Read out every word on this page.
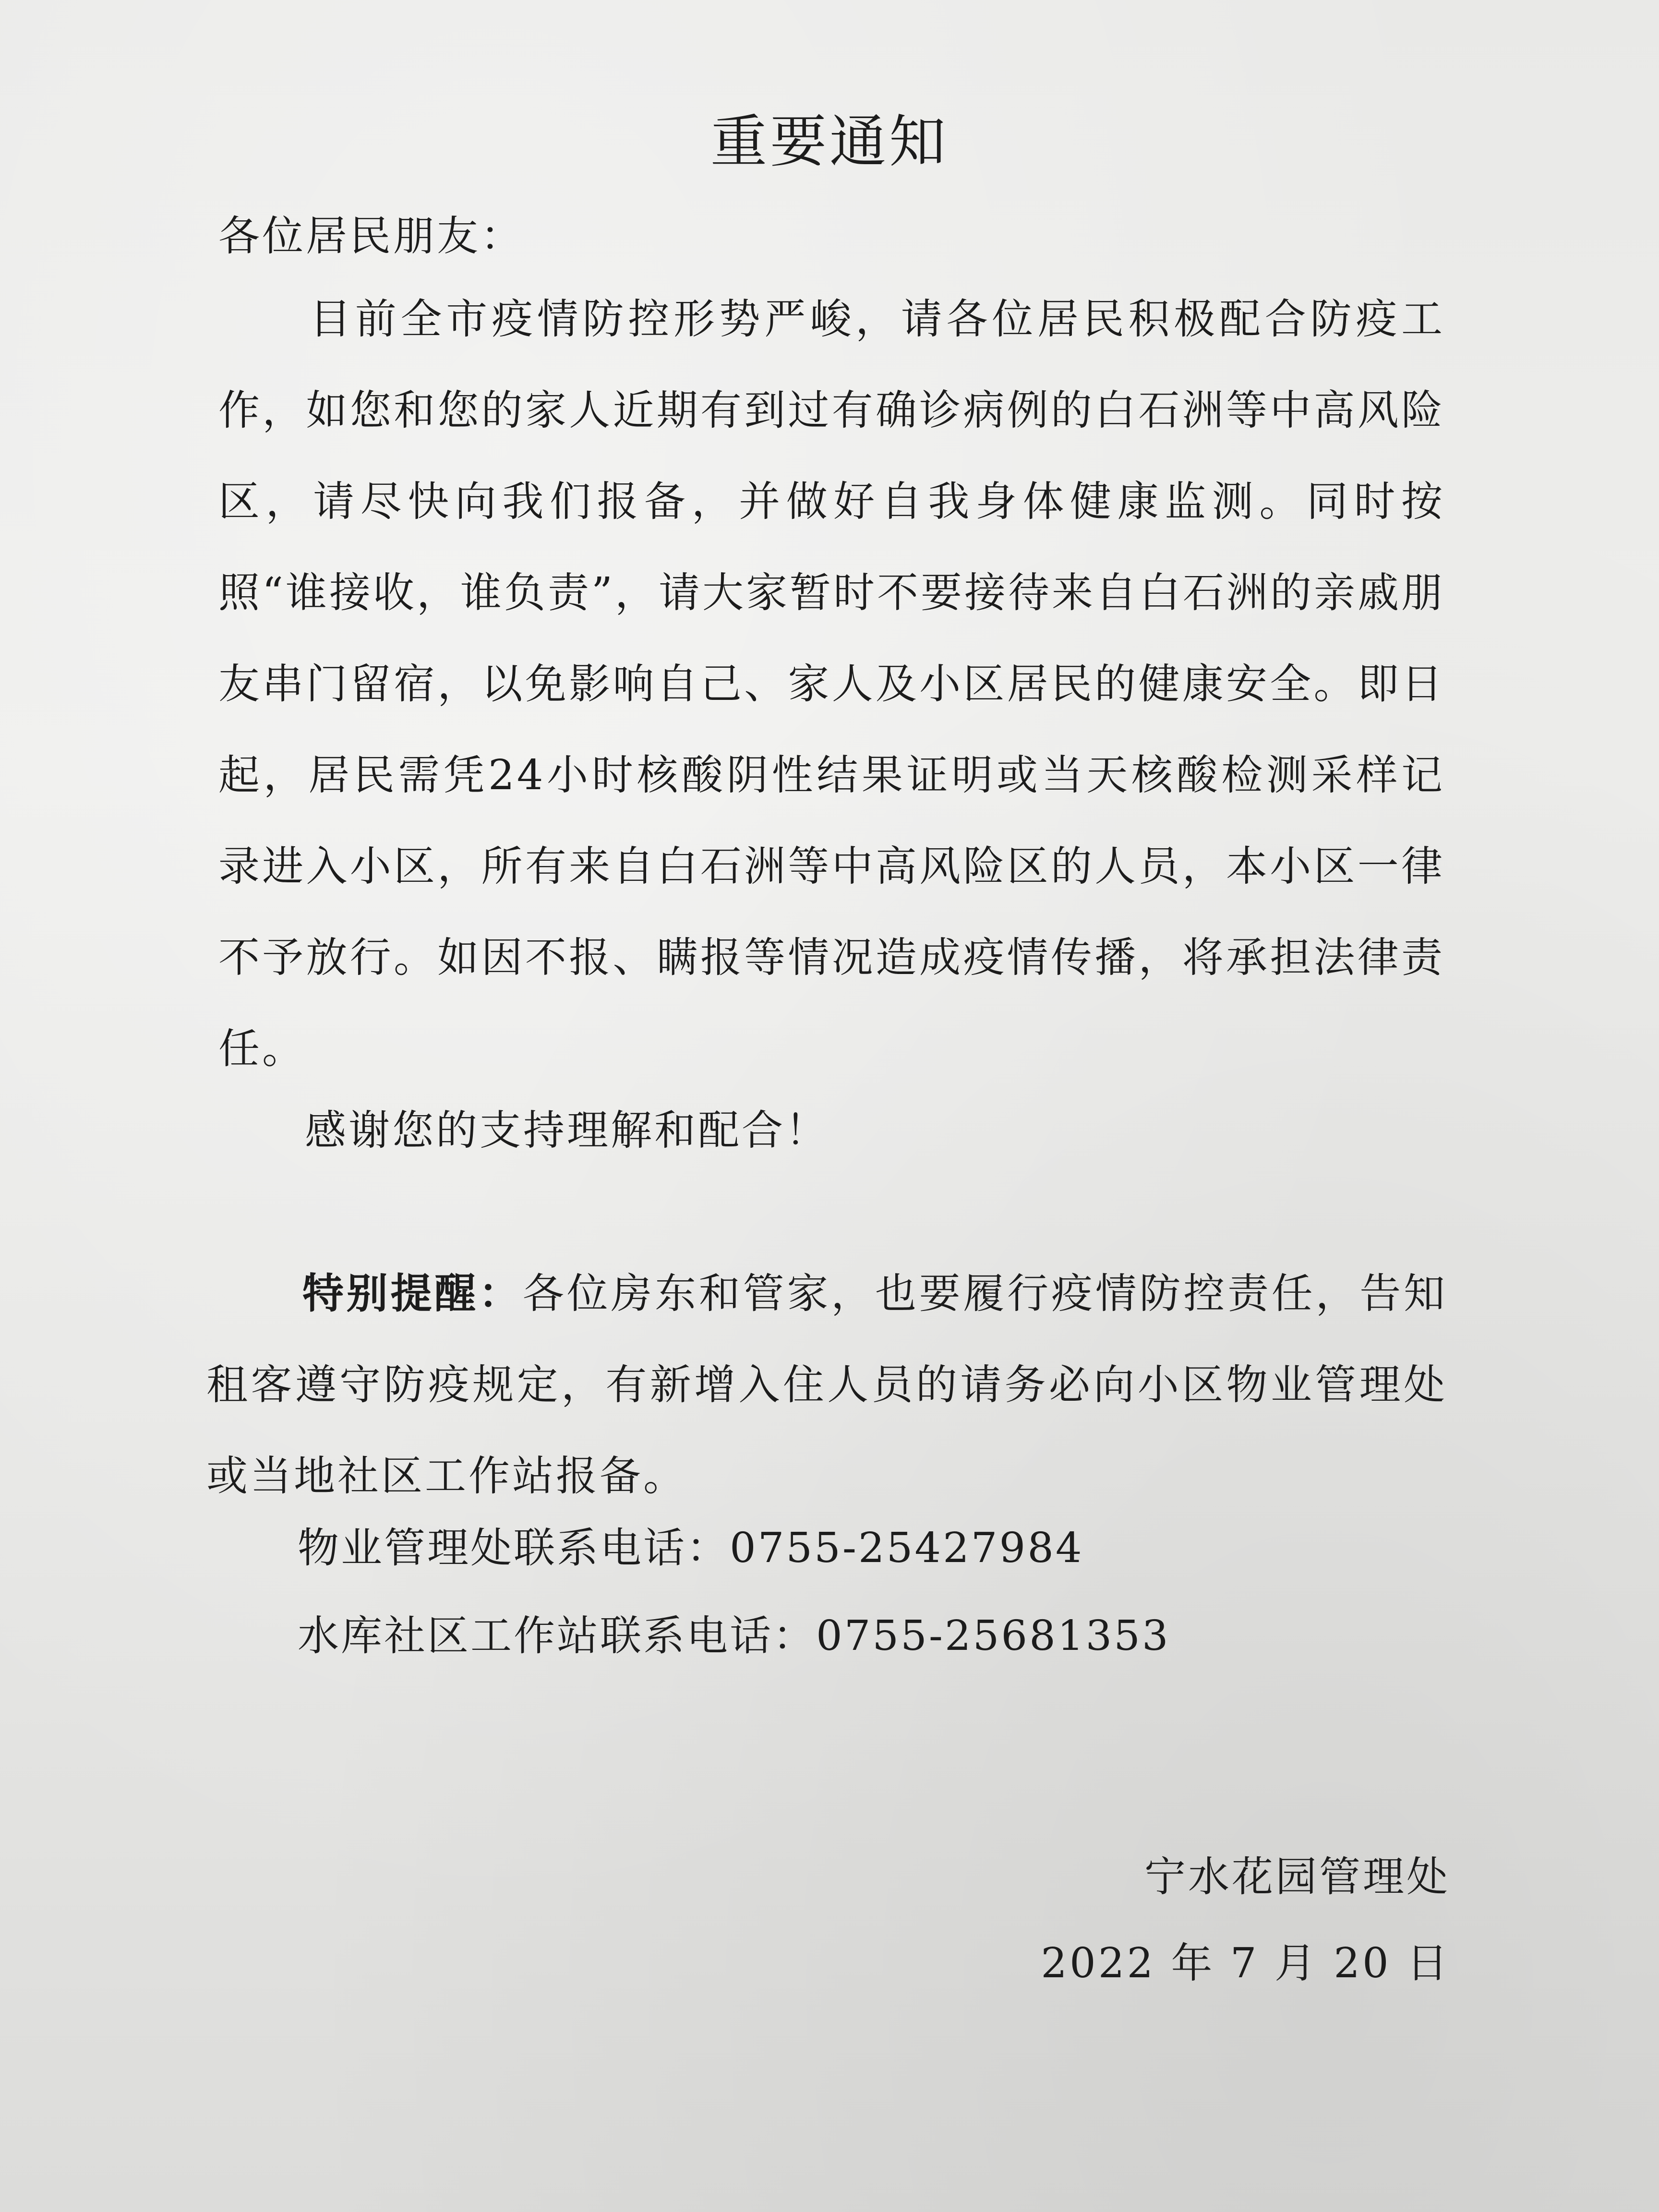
重要通知
各位居民朋友：
目前全市疫情防控形势严峻，请各位居民积极配合防疫工作，如您和您的家人近期有到过有确诊病例的白石洲等中高风险区，请尽快向我们报备，并做好自我身体健康监测。同时按照“谁接收，谁负责”，请大家暂时不要接待来自白石洲的亲戚朋友串门留宿，以免影响自己、家人及小区居民的健康安全。即日起，居民需凭24小时核酸阴性结果证明或当天核酸检测采样记录进入小区，所有来自白石洲等中高风险区的人员，本小区一律不予放行。如因不报、瞒报等情况造成疫情传播，将承担法律责任。
感谢您的支持理解和配合！
特别提醒：各位房东和管家，也要履行疫情防控责任，告知租客遵守防疫规定，有新增入住人员的请务必向小区物业管理处或当地社区工作站报备。
物业管理处联系电话：0755-25427984
水库社区工作站联系电话：0755-25681353
宁水花园管理处
2022 年 7 月 20 日
